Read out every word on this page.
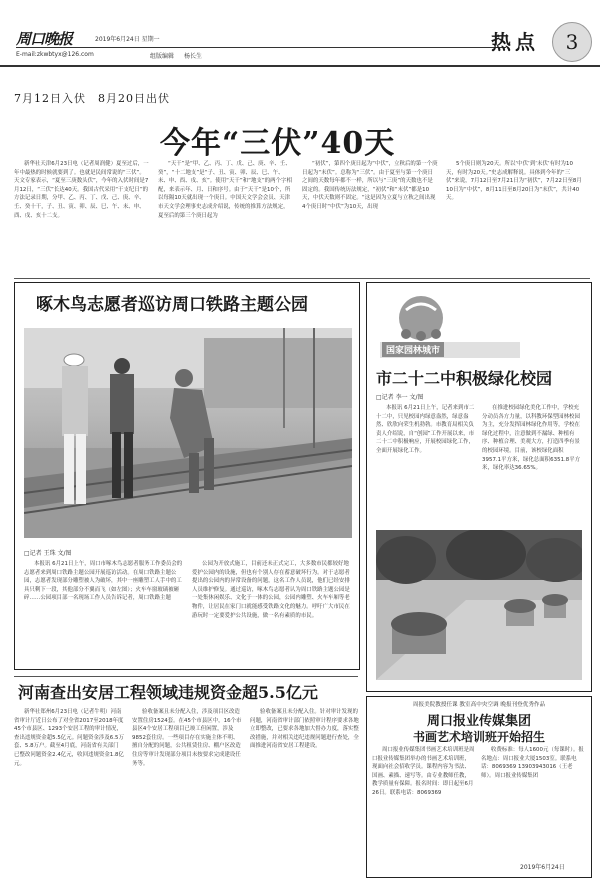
周口晚报	2019年6月24日 星期一
E-mail:zkwbtyx@126.com	组版编辑 杨长生
热点 3
7月12日入伏　8月20日出伏
今年“三伏”40天

新华社天津6月23日电（记者周润健）夏至过后，一年中最热的时候就要到了。也就是民间常说的“三伏”。天文专家表示，“夏至三庚数头伏”，今年的入伏时间是7月12日，“三伏”长达40天。我国古代采用“干支纪日”的方法记录日期，分甲、乙、丙、丁、戊、己、庚、辛、壬、癸十干，子、丑、寅、卯、辰、巳、午、未、申、酉、戌、亥十二支。

“天干”是“甲、乙、丙、丁、戊、己、庚、辛、壬、癸”，“十二地支”是“子、丑、寅、卯、辰、巳、午、未、申、酉、戌、亥”。使用“天干”和“地支”的两个字相配，来表示年、月、日和序号。由于“天干”是10个，所以每隔10天就出现一个庚日。中国天文学会会员、天津市天文学会理事史志成介绍说，传统的推算方法规定，夏至后的第三个庚日起为

“初伏”，第四个庚日起为“中伏”，立秋后的第一个庚日起为“末伏”。总称为“三伏”。由于夏至与第一个庚日之间的天数每年都不一样，所以与“三庚”的天数也不是固定的。我国传统历法规定，“初伏”和“末伏”都是10天，中伏天数则不固定。“这是因为立夏与立秋之间出现4个庚日时“中伏”为10天，出现

5个庚日则为20天。所以‘中伏’到‘末伏’有时为10天，有时为20天。”史志成解释说。具体到今年的“三伏”来说，7月12日至7月21日为“初伏”，7月22日至8月10日为“中伏”，8月11日至8月20日为“末伏”，共计40天。

啄木鸟志愿者巡访周口铁路主题公园
□记者 王珠 文/图

本报讯 6月21日上午，周口市啄木鸟志愿者服务工作委员会的志愿者来到周口铁路主题公园开展巡访活动。在周口铁路主题公园，志愿者发现部分雕塑被人为破坏，其中一座雕塑工人手中的工具只剩下一段，其他部分不翼而飞（如左图）；火车车窗玻璃被砸碎……公园项目部一名现场工作人员告诉记者，周口铁路主题

公园为开放式施工，目前还未正式完工，大多数市民都较好地爱护公园内的设施，但也有个别人存在蓄意破坏行为。对于志愿者提出的公园内的异常设备的问题，这名工作人员说，他们已经安排人员维护修复。通过巡访，啄木鸟志愿者认为周口铁路主题公园是一处集休闲娱乐、文化于一体的公园，公园内雕塑、火车车厢等老物件，让居民在家门口就能感受铁路文化的魅力。呼吁广大市民在游玩时一定要爱护公共设施，做一名有素质的市民。

国家园林城市
市二十二中积极绿化校园
□记者 李一 文/图

本报讯 6月21日上午，记者来到市二十二中，只见校园内绿意盎然，绿意盎然、欣欣向荣生机勃勃。市教育局相关负责人介绍说，自“创园”工作开展以来，市二十二中积极响应，开展校园绿化工作，全面开展绿化工作。

在推进校园绿化美化工作中，学校充分动员各方力量，以科教环保型园林校园为主，充分发挥园林绿化作用等，学校在绿化过程中，注意做到不漏绿、种植有序、种植合理、美观大方，打造四季有景的校园环境。目前，该校绿化面积3957.1平方米，绿化总面积6351.8平方米，绿化率达36.65%。

河南查出安居工程领域违规资金超5.5亿元

新华社郑州6月23日电（记者牛明）河南省审计厅近日公布了对全省2017至2018年度45个市县区、1293个安居工程的审计情况，查出违规资金超5.5亿元。问题资金涉及6.5万套、5.8万户。截至4月底，河南省有关部门已整改问题资金2.4亿元，收回违规资金1.8亿元。

验收备案且未分配入住，涉及项目区改造安置住房1524套。在45个市县区中，16个市县区4个安居工程项目已竣工但闲置，涉及9852套住房。一些项目存在实施主体不明、擅自分配的问题，公共租赁住房、棚户区改造住房等审计发现部分项目未按要求完成建设任务等。

验收备案且未分配入住。针对审计发现的问题，河南省审计部门依照审计程序要求各地立即整改，已要求各地加大督办力度，落实整改措施，并对相关违纪违规问题进行查处，全面推进河南省安居工程建设。

周报美院教授任课 教室高中央空调 晚报刊登优秀作品
周口报业传媒集团
书画艺术培训班开始招生

周口报业传媒集团书画艺术培训班是周口报业传媒集团举办的书画艺术培训班，现面向社会招收学员。课程内容为书法、国画、素描、速写等。由专业教师任教，教学质量有保障。报名时间：即日起至6月26日。联系电话：8069369

收费标准：每人1600元（每课时）。报名地点：周口报业大厦1503室。联系电话：8069369 13903943016（王老师）。周口报业传媒集团

2019年6月24日
